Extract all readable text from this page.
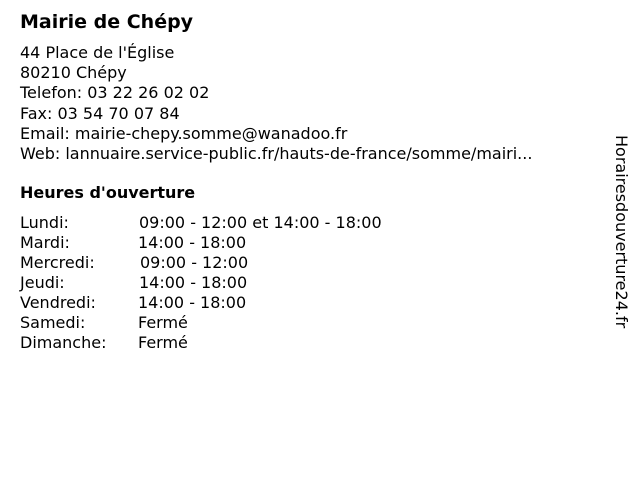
Mairie de Chépy
44 Place de l'Église
80210 Chépy
Telefon: 03 22 26 02 02
Fax: 03 54 70 07 84
Email: mairie-chepy.somme@wanadoo.fr
Web: lannuaire.service-public.fr/hauts-de-france/somme/mairi...
Heures d'ouverture
Lundi:	09:00 - 12:00 et 14:00 - 18:00
Mardi:	14:00 - 18:00
Mercredi:	09:00 - 12:00
Jeudi:	14:00 - 18:00
Vendredi:	14:00 - 18:00
Samedi:	Fermé
Dimanche: Fermé
Horairesdouverture24.fr
